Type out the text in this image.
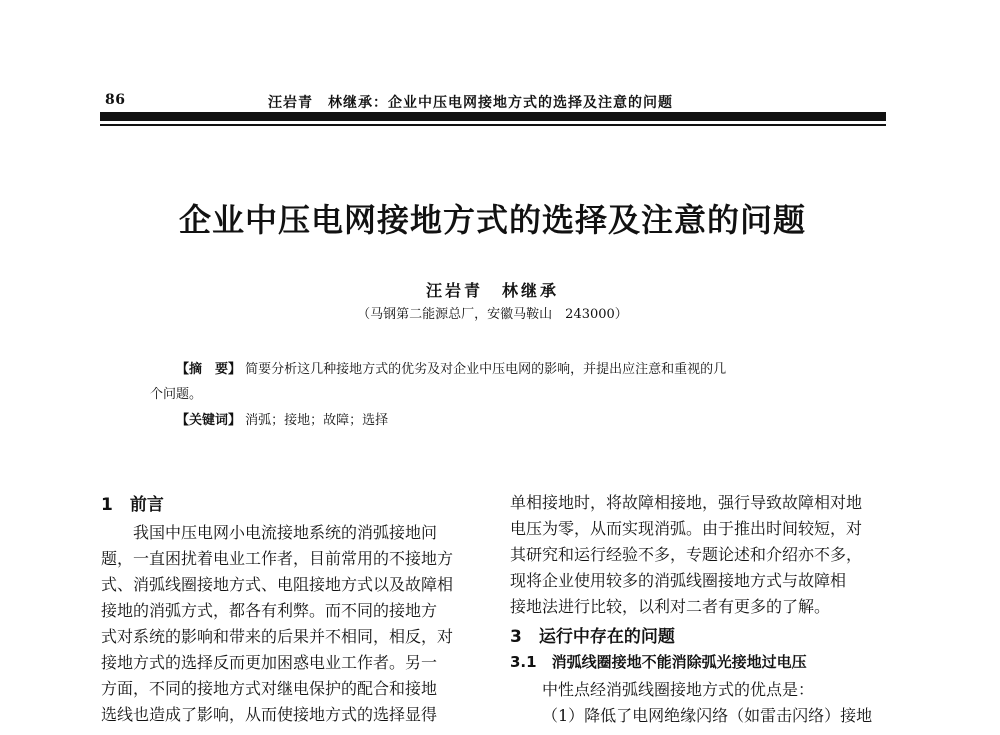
86	汪岩青　林继承：企业中压电网接地方式的选择及注意的问题
企业中压电网接地方式的选择及注意的问题
汪岩青　林继承
（马钢第二能源总厂，安徽马鞍山　243000）
【摘　要】 简要分析这几种接地方式的优劣及对企业中压电网的影响，并提出应注意和重视的几
个问题。
【关键词】 消弧；接地；故障；选择
1　前言
我国中压电网小电流接地系统的消弧接地问
题，一直困扰着电业工作者，目前常用的不接地方
式、消弧线圈接地方式、电阻接地方式以及故障相
接地的消弧方式，都各有利弊。而不同的接地方
式对系统的影响和带来的后果并不相同，相反，对
接地方式的选择反而更加困惑电业工作者。另一
方面，不同的接地方式对继电保护的配合和接地
选线也造成了影响，从而使接地方式的选择显得
单相接地时，将故障相接地，强行导致故障相对地
电压为零，从而实现消弧。由于推出时间较短，对
其研究和运行经验不多，专题论述和介绍亦不多，
现将企业使用较多的消弧线圈接地方式与故障相
接地法进行比较，以利对二者有更多的了解。
3　运行中存在的问题
3.1　消弧线圈接地不能消除弧光接地过电压
中性点经消弧线圈接地方式的优点是：
（1）降低了电网绝缘闪络（如雷击闪络）接地
